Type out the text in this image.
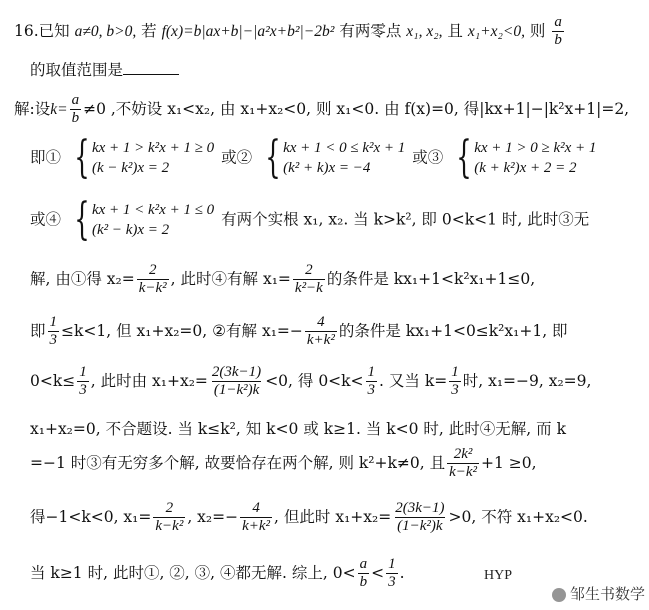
16.已知 a≠0, b>0, 若 f(x)=b|ax+b|−|a²x+b²|−2b² 有两零点 x₁, x₂, 且 x₁+x₂<0, 则 $\frac{a}{b}$
的取值范围是
解:设$k= \frac{a}{b} \ne 0$ ,不妨设 x₁<x₂, 由 x₁+x₂<0, 则 x₁<0. 由 f(x)=0, 得|kx+1|−|k²x+1|=2,
即① { kx + 1 > k²x + 1 ≥ 0
(k − k²)x = 2
或② { kx + 1 < 0 ≤ k²x + 1
(k² + k)x = −4
或③ { kx + 1 > 0 ≥ k²x + 1
(k + k²)x + 2 = 2
或④ { kx + 1 < k²x + 1 ≤ 0
(k² − k)x = 2
有两个实根 x₁, x₂. 当 k>k², 即 0<k<1 时, 此时③无
解, 由①得 $x_2= \frac{2}{\text{k−k²}}$ , 此时④有解 $x_1= \frac{2}{\text{k²−k}}$ 的条件是 kx₁+1<k²x₁+1≤0,
即 $\frac{1}{3} \le k<1$, 但 x₁+x₂=0, ②有解 $x_1=- \frac{4}{\text{k+k²}}$ 的条件是 kx₁+1<0≤k²x₁+1, 即
$0<k\le \frac{1}{3}$ , 此时由 $x_1+x_2= \frac{2(3k-1)}{\text{(1−k²)k}} <0$, 得 $0<k< \frac{1}{3}$ . 又当 $k= \frac{1}{3}$ 时, x₁=−9, x₂=9,
x₁+x₂=0, 不合题设. 当 k≤k², 知 k<0 或 k≥1. 当 k<0 时, 此时④无解, 而 k
=−1 时③有无穷多个解, 故要恰存在两个解, 则 k²+k≠0, 且 $\frac{\text{2k²}}{\text{k−k²}} +1 \ge 0$,
得−1<k<0, $x_1= \frac{2}{\text{k−k²}}$ , $x_2=- \frac{4}{\text{k+k²}}$ , 但此时 $x_1+x_2= \frac{2(3k-1)}{\text{(1−k²)k}} >0$, 不符 x₁+x₂<0.
当 k≥1 时, 此时①, ②, ③, ④都无解. 综上, $0< \frac{a}{b} < \frac{1}{3}$ .	HYP
邹生书数学
